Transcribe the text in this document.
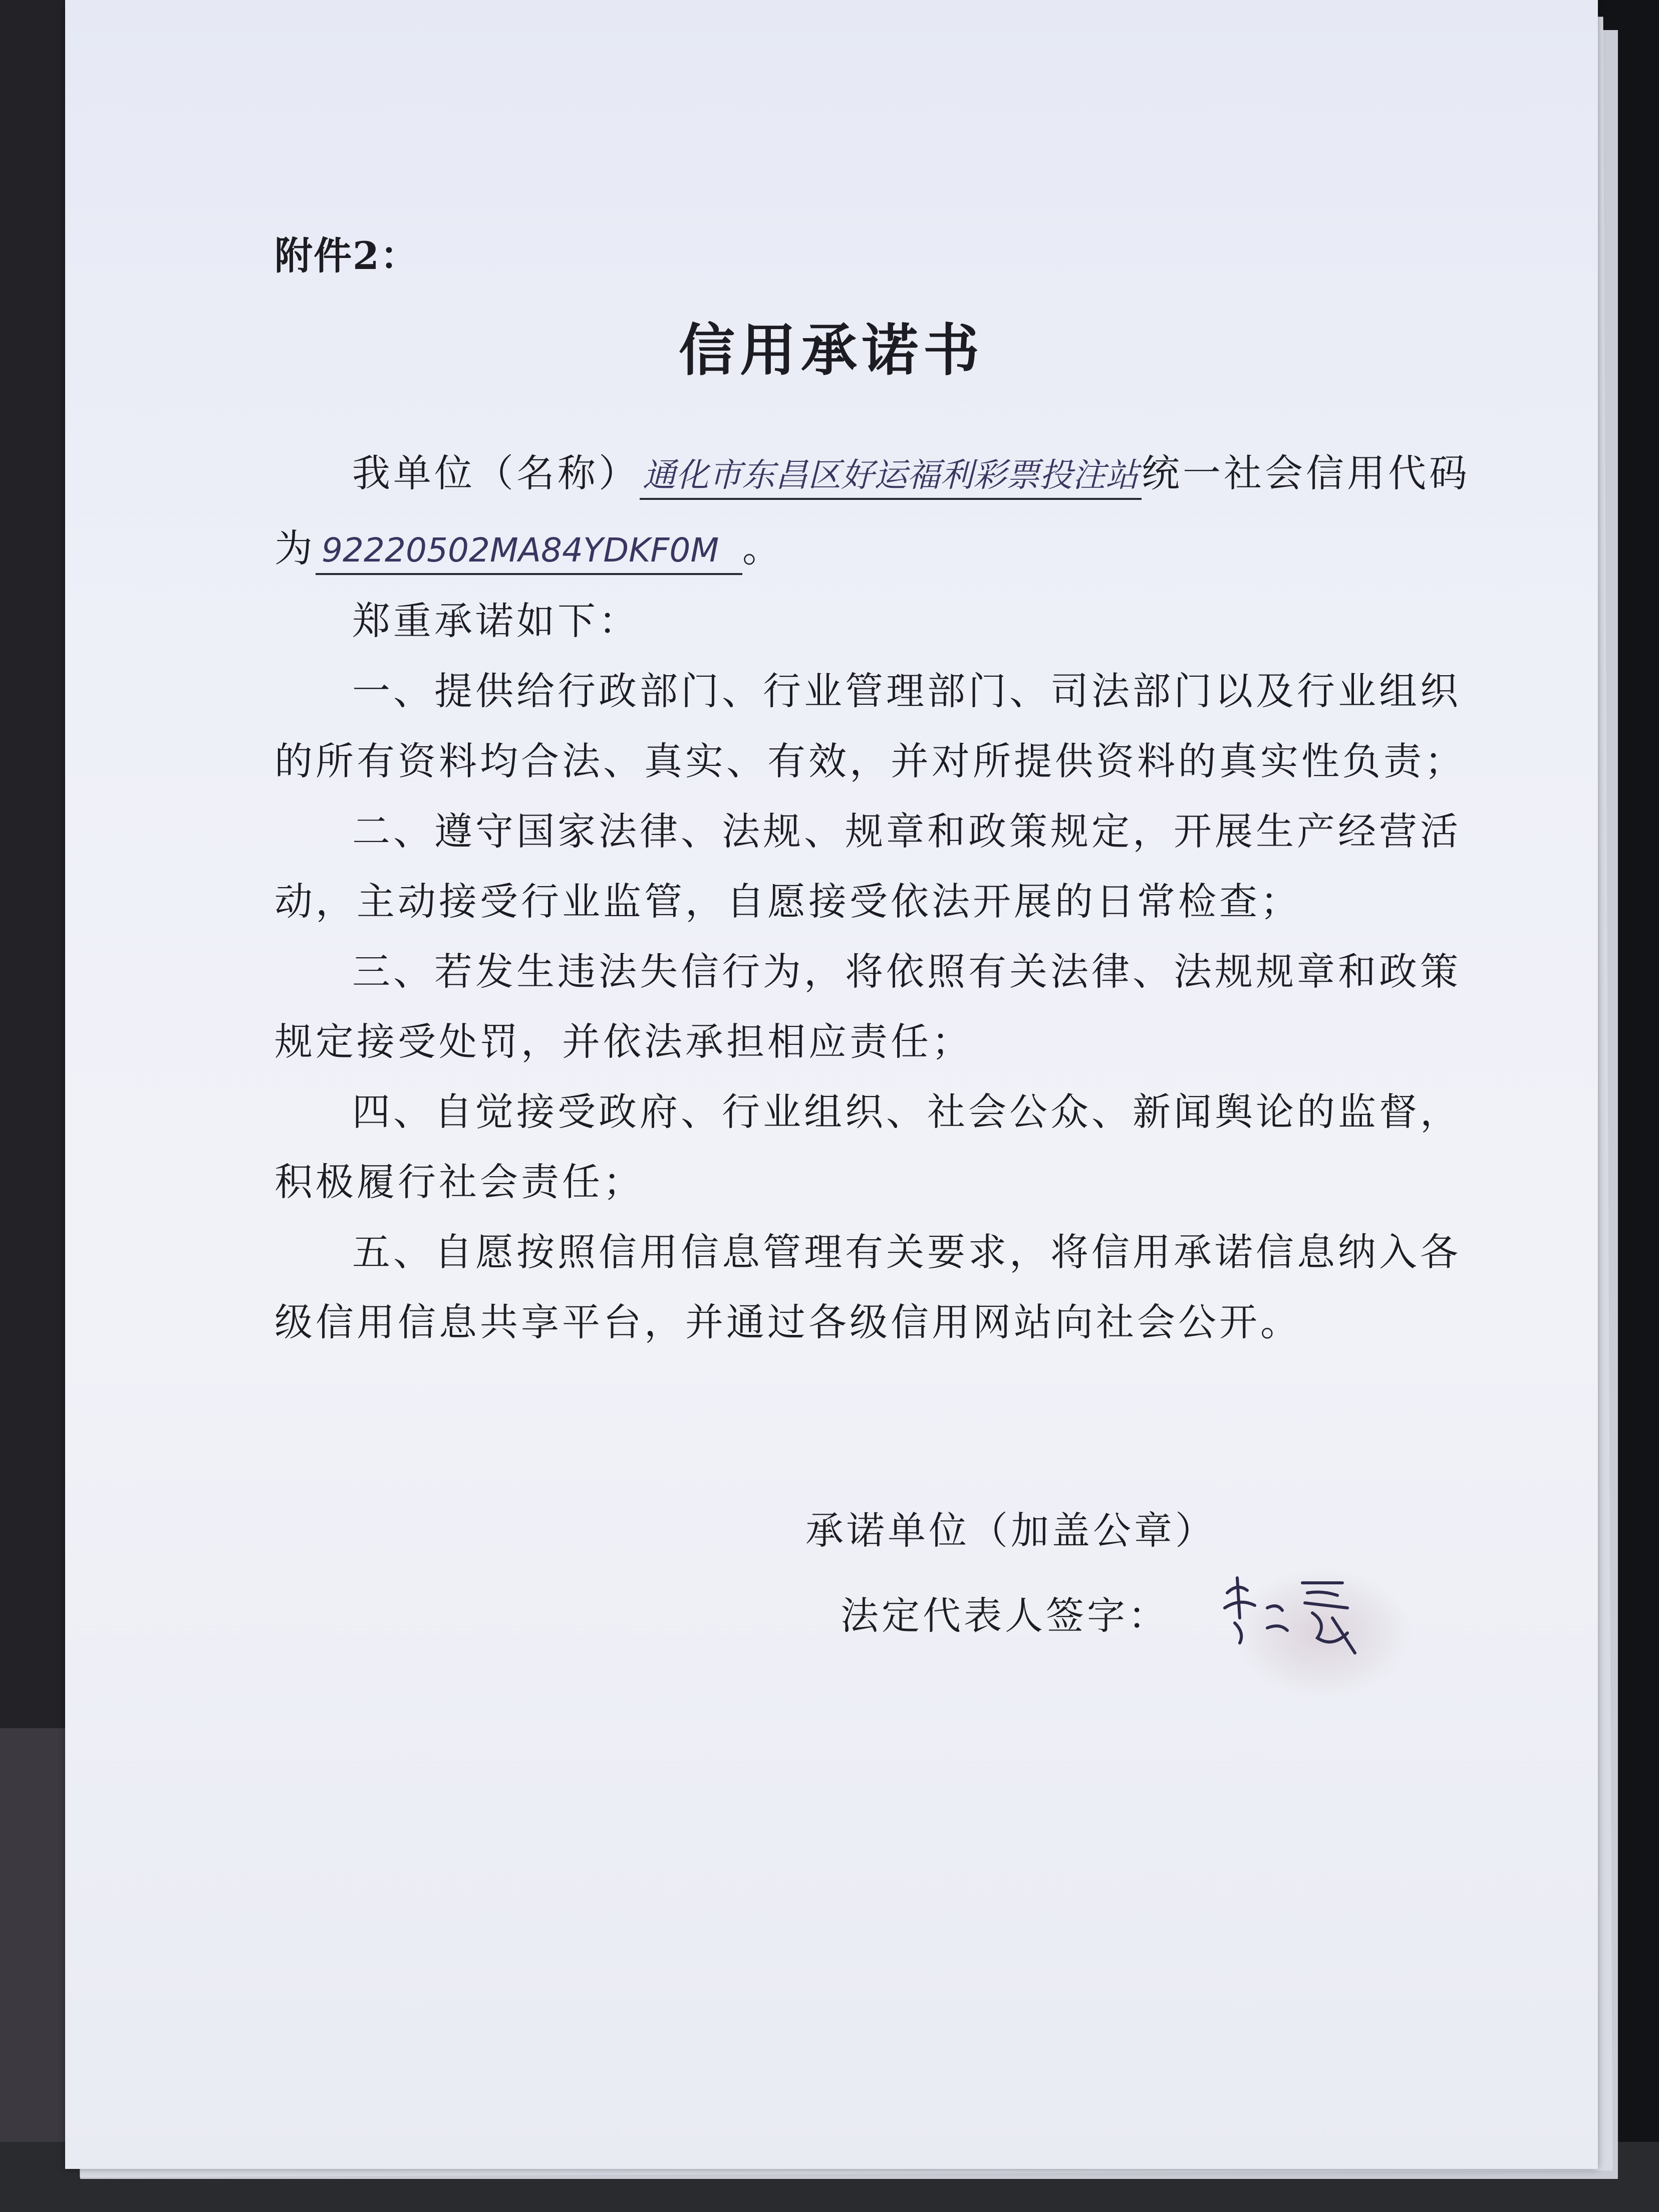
附件2：
信用承诺书
我单位（名称）通化市东昌区好运福利彩票投注站统一社会信用代码
为 92220502MA84YDKF0M 。
郑重承诺如下：
一、提供给行政部门、行业管理部门、司法部门以及行业组织
的所有资料均合法、真实、有效，并对所提供资料的真实性负责；
二、遵守国家法律、法规、规章和政策规定，开展生产经营活
动，主动接受行业监管，自愿接受依法开展的日常检查；
三、若发生违法失信行为，将依照有关法律、法规规章和政策
规定接受处罚，并依法承担相应责任；
四、自觉接受政府、行业组织、社会公众、新闻舆论的监督，
积极履行社会责任；
五、自愿按照信用信息管理有关要求，将信用承诺信息纳入各
级信用信息共享平台，并通过各级信用网站向社会公开。
承诺单位（加盖公章）
法定代表人签字：
